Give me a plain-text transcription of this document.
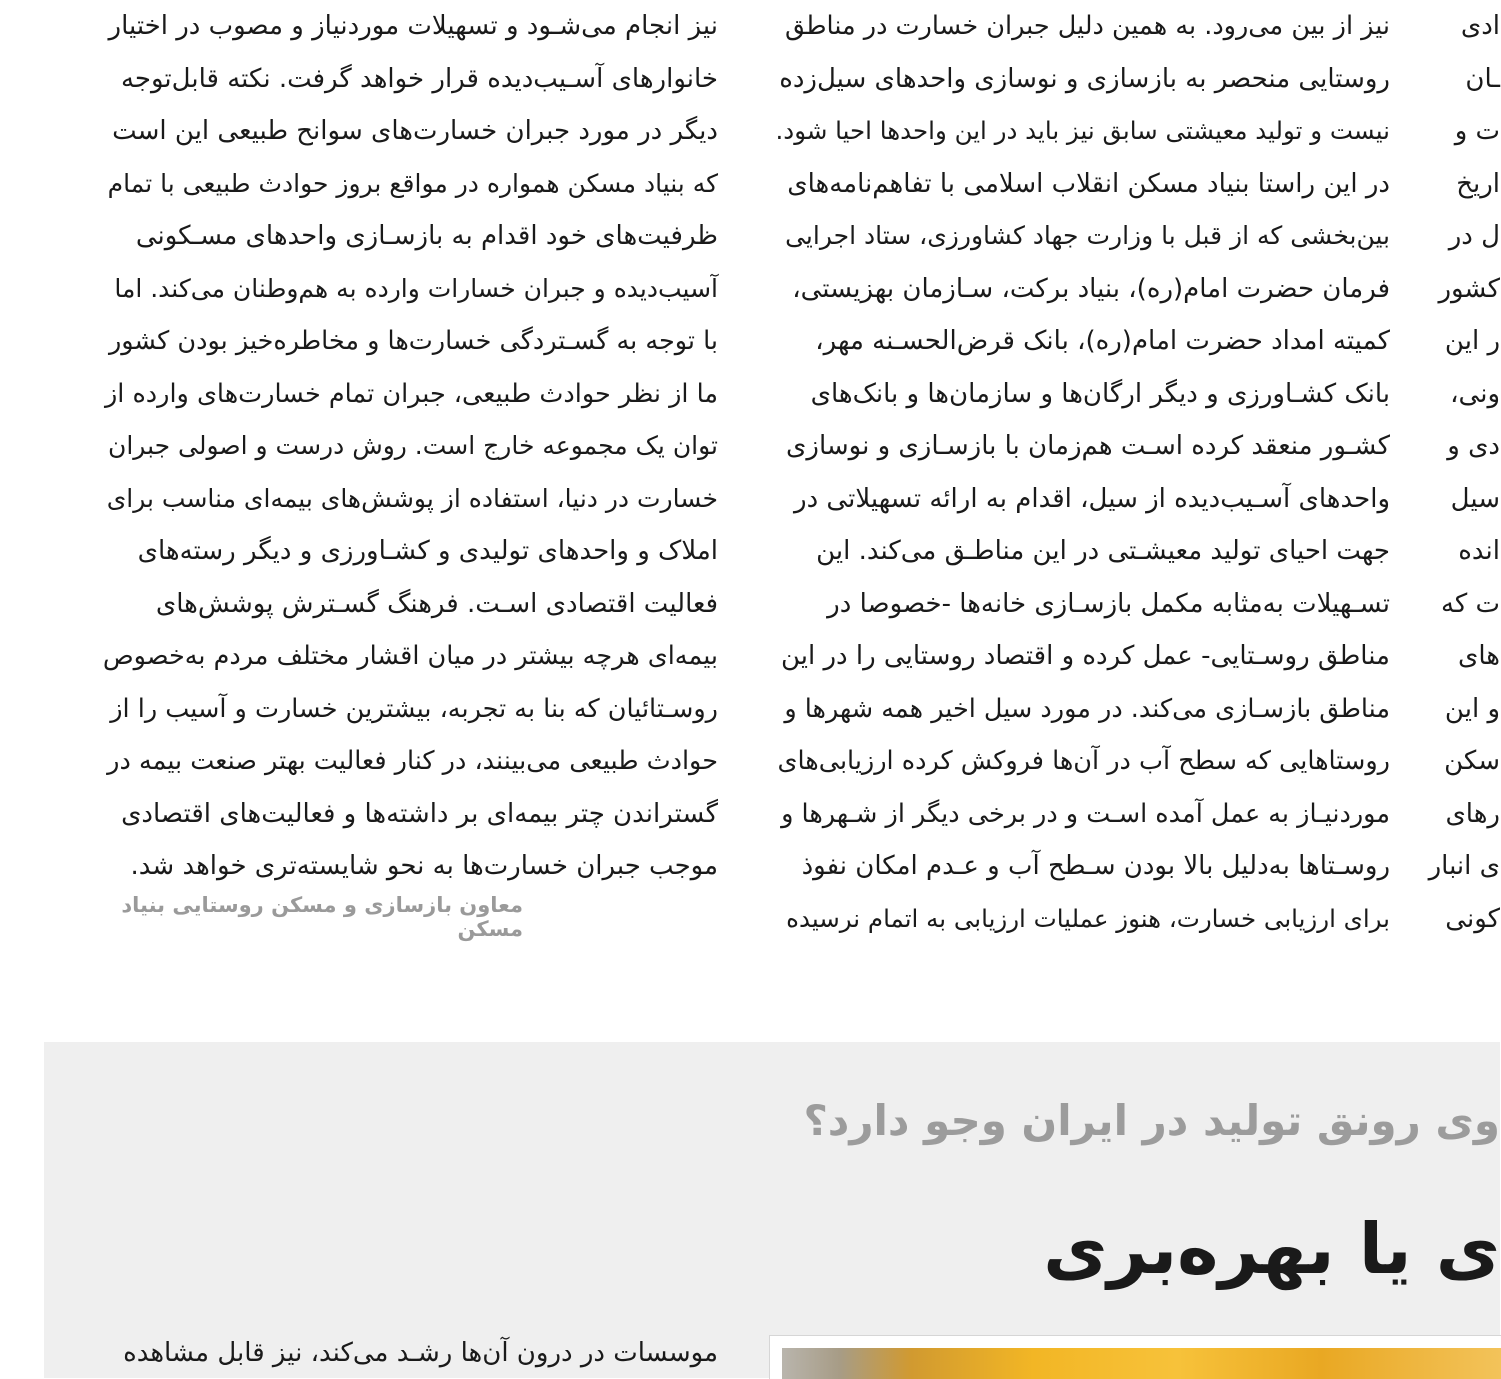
ادی
ـان
ت و
اریخ
ل در
کشور
ر این
ونی،
دی و
سیل
انده
ت که
های
و این
سکن
رهای
ی انبار
کونی
نیز از بین می‌رود. به همین دلیل جبران خسارت در مناطق
روستایی منحصر به بازسازی و نوسازی واحدهای سیل‌زده
نیست و تولید معیشتی سابق نیز باید در این واحدها احیا شود.
در این راستا بنیاد مسکن انقلاب اسلامی با تفاهم‌نامه‌های
بین‌بخشی که از قبل با وزارت جهاد کشاورزی، ستاد اجرایی
فرمان حضرت امام(ره)، بنیاد برکت، سـازمان بهزیستی،
کمیته امداد حضرت امام(ره)، بانک قرض‌الحسـنه مهر،
بانک کشـاورزی و دیگر ارگان‌ها و سازمان‌ها و بانک‌های
کشـور منعقد کرده اسـت هم‌زمان با بازسـازی و نوسازی
واحدهای آسـیب‌دیده از سیل، اقدام به ارائه تسهیلاتی در
جهت احیای تولید معیشـتی در این مناطـق می‌کند. این
تسـهیلات به‌مثابه مکمل بازسـازی خانه‌ها -خصوصا در
مناطق روسـتایی- عمل کرده و اقتصاد روستایی را در این
مناطق بازسـازی می‌کند. در مورد سیل اخیر همه شهرها و
روستاهایی که سطح آب در آن‌ها فروکش کرده ارزیابی‌های
موردنیـاز به عمل آمده اسـت و در برخی دیگر از شـهرها و
روسـتاها به‌دلیل بالا بودن سـطح آب و عـدم امکان نفوذ
برای ارزیابی خسارت، هنوز عملیات ارزیابی به اتمام نرسیده
نیز انجام می‌شـود و تسهیلات موردنیاز و مصوب در اختیار
خانوارهای آسـیب‌دیده قرار خواهد گرفت. نکته قابل‌توجه
دیگر در مورد جبران خسارت‌های سوانح طبیعی این است
که بنیاد مسکن همواره در مواقع بروز حوادث طبیعی با تمام
ظرفیت‌های خود اقدام به بازسـازی واحدهای مسـکونی
آسیب‌دیده و جبران خسارات وارده به هم‌وطنان می‌کند. اما
با توجه به گسـتردگی خسارت‌ها و مخاطره‌خیز بودن کشور
ما از نظر حوادث طبیعی، جبران تمام خسارت‌های وارده از
توان یک مجموعه خارج است. روش درست و اصولی جبران
خسارت در دنیا، استفاده از پوشش‌های بیمه‌ای مناسب برای
املاک و واحدهای تولیدی و کشـاورزی و دیگر رسته‌های
فعالیت اقتصادی اسـت. فرهنگ گسـترش پوشش‌های
بیمه‌ای هرچه بیشتر در میان اقشار مختلف مردم به‌خصوص
روسـتائیان که بنا به تجربه، بیشترین خسارت و آسیب را از
حوادث طبیعی می‌بینند، در کنار فعالیت بهتر صنعت بیمه در
گستراندن چتر بیمه‌ای بر داشته‌ها و فعالیت‌های اقتصادی
موجب جبران خسارت‌ها به نحو شایسته‌تری خواهد شد.
معاون بازسازی و مسکن روستایی بنیاد مسکن
وی رونق تولید در ایران وجو دارد؟
ی یا بهره‌بری
موسسات در درون آن‌ها رشـد می‌کند، نیز قابل مشاهده
